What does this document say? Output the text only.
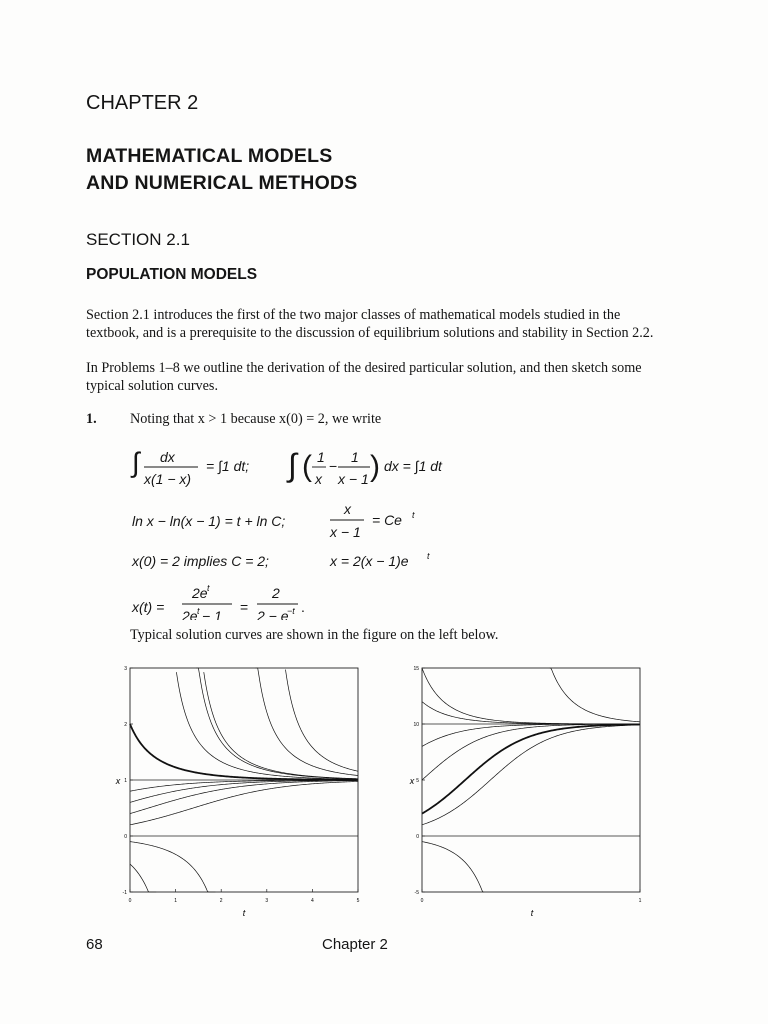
CHAPTER 2
MATHEMATICAL MODELS
AND NUMERICAL METHODS
SECTION 2.1
POPULATION MODELS
Section 2.1 introduces the first of the two major classes of mathematical models studied in the
textbook, and is a prerequisite to the discussion of equilibrium solutions and stability in Section 2.2.
In Problems 1–8 we outline the derivation of the desired particular solution, and then sketch some
typical solution curves.
1. Noting that x > 1 because x(0) = 2, we write
∫ dx
x(1 − x)
= ∫1 dt;
ln x − ln(x − 1) = t + ln C;
x(0) = 2 implies C = 2;
x(t) =
2e t
2e t − 1
=
2
2 − e
−t .
∫ ( 1
x
−
1
x − 1 ) dx = ∫1 dt
x
x − 1
= Ce t
x = 2(x − 1)e t
Typical solution curves are shown in the figure on the left below.
0	1	2	3	4	5
-1
0
1
2
3
t
x
0	1
-5
0
5
10
15
t
x
68	Chapter 2
